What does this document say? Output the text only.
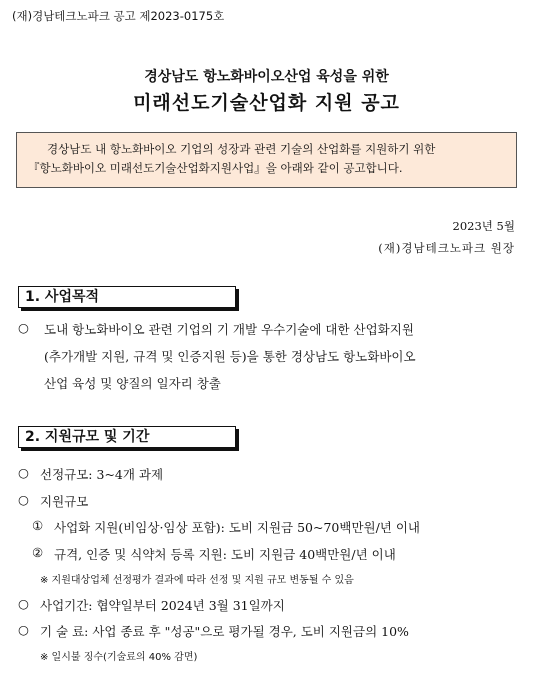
(재)경남테크노파크 공고 제2023-0175호
경상남도 항노화바이오산업 육성을 위한
미래선도기술산업화 지원 공고
경상남도 내 항노화바이오 기업의 성장과 관련 기술의 산업화를 지원하기 위한
『항노화바이오 미래선도기술산업화지원사업』을 아래와 같이 공고합니다.
2023년 5월
(재)경남테크노파크 원장
1. 사업목적
○ 도내 항노화바이오 관련 기업의 기 개발 우수기술에 대한 산업화지원
(추가개발 지원, 규격 및 인증지원 등)을 통한 경상남도 항노화바이오
산업 육성 및 양질의 일자리 창출
2. 지원규모 및 기간
○ 선정규모: 3~4개 과제
○ 지원규모
① 사업화 지원(비임상·임상 포함): 도비 지원금 50~70백만원/년 이내
② 규격, 인증 및 식약처 등록 지원: 도비 지원금 40백만원/년 이내
※ 지원대상업체 선정평가 결과에 따라 선정 및 지원 규모 변동될 수 있음
○ 사업기간: 협약일부터 2024년 3월 31일까지
○ 기 술 료: 사업 종료 후 "성공"으로 평가될 경우, 도비 지원금의 10%
※ 일시불 징수(기술료의 40% 감면)
